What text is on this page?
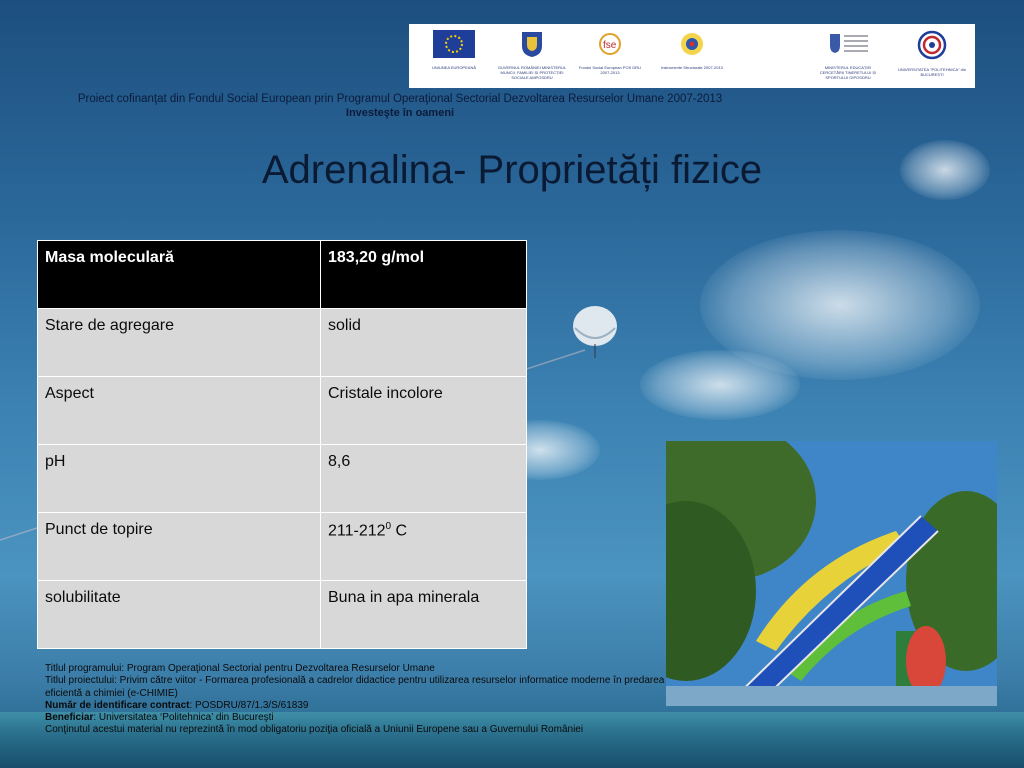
UNIUNEA EUROPEANĂ	GUVERNUL ROMÂNIEI MINISTERUL MUNCII, FAMILIEI ȘI PROTECȚIEI SOCIALE AMPOSDRU
fse
Fondul Social European POS DRU 2007-2013
Instrumente Structurale 2007-2013	MINISTERUL EDUCAȚIEI CERCETĂRII TINERETULUI ȘI SPORTULUI OIPOSDRU
UNIVERSITATEA "POLITEHNICA" din BUCUREȘTI
Proiect cofinanţat din Fondul Social European prin Programul Operaţional Sectorial Dezvoltarea Resurselor Umane 2007-2013
Investeşte în oameni
Adrenalina- Proprietăți fizice
Masa moleculară	183,20 g/mol
Stare de agregare	solid
Aspect	Cristale incolore
pH	8,6
Punct de topire	$211-212^0$ C
solubilitate	Buna in apa minerala
Titlul programului: Program Operaţional Sectorial pentru Dezvoltarea Resurselor Umane
Titlul proiectului: Privim către viitor - Formarea profesională a cadrelor didactice pentru utilizarea resurselor informatice moderne în predarea eficientă a chimiei (e-CHIMIE)
Număr de identificare contract: POSDRU/87/1.3/S/61839
Beneficiar: Universitatea ‘Politehnica’ din Bucureşti
Conţinutul acestui material nu reprezintă în mod obligatoriu poziţia oficială a Uniunii Europene sau a Guvernului României
